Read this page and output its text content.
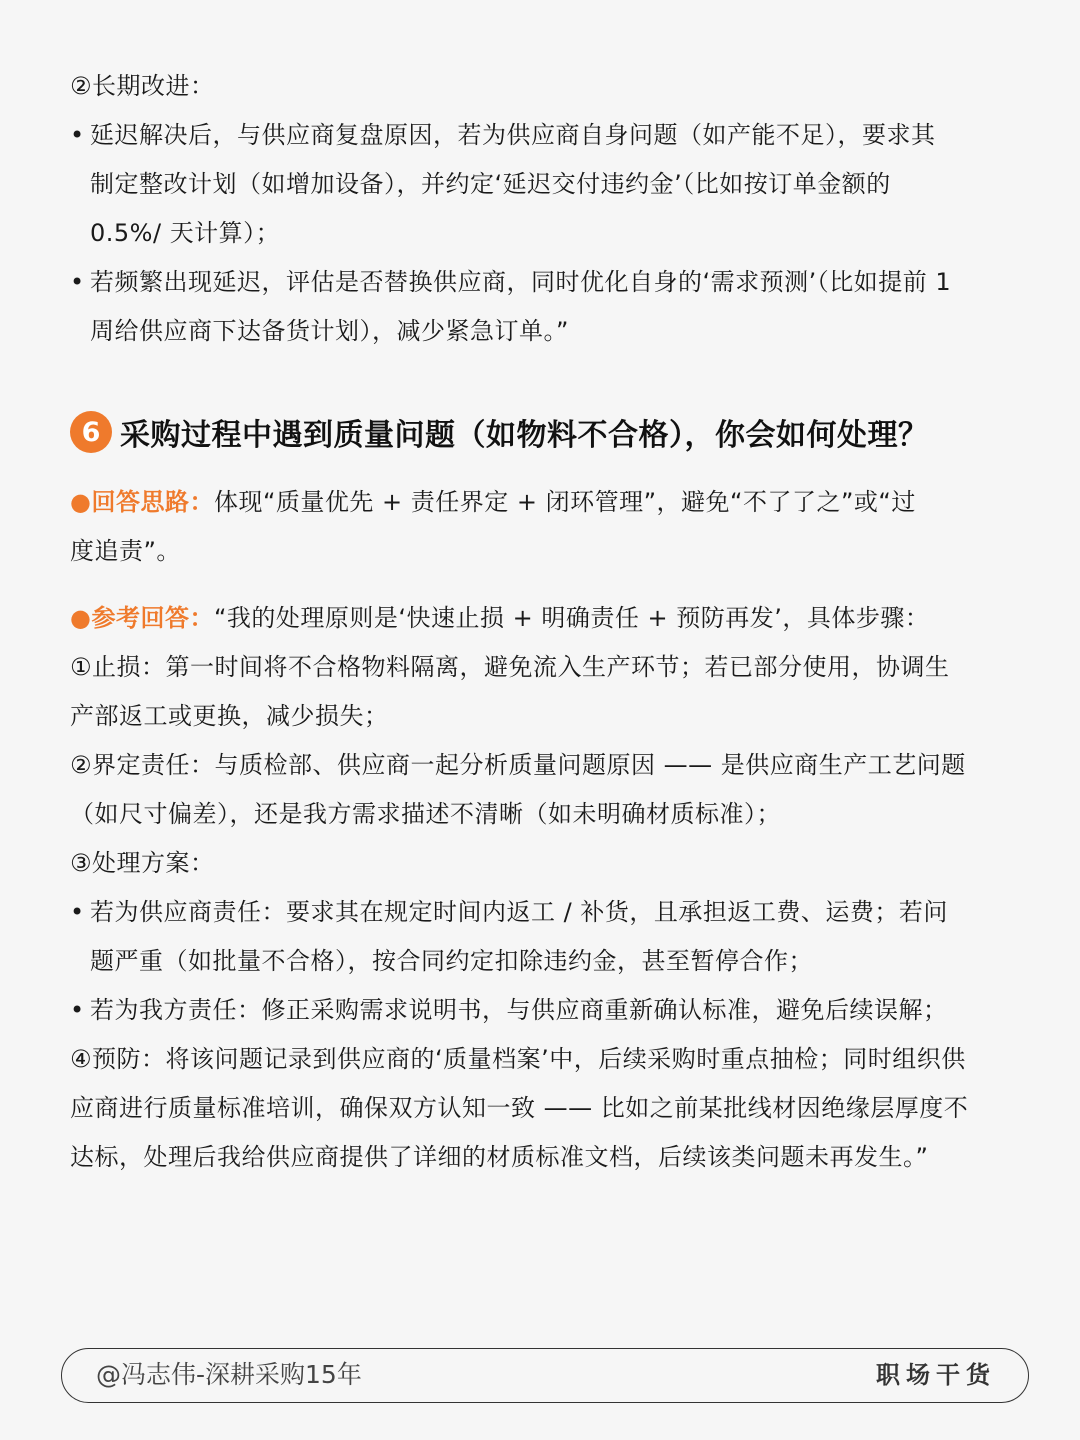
②长期改进：
• 延迟解决后，与供应商复盘原因，若为供应商自身问题（如产能不足），要求其
制定整改计划（如增加设备），并约定‘延迟交付违约金’（比如按订单金额的
0.5%/ 天计算）；
• 若频繁出现延迟，评估是否替换供应商，同时优化自身的‘需求预测’（比如提前 1
周给供应商下达备货计划），减少紧急订单。”
6 采购过程中遇到质量问题（如物料不合格），你会如何处理？
●回答思路：体现“质量优先 + 责任界定 + 闭环管理”，避免“不了了之”或“过
度追责”。
●参考回答：“我的处理原则是‘快速止损 + 明确责任 + 预防再发’，具体步骤：
①止损：第一时间将不合格物料隔离，避免流入生产环节；若已部分使用，协调生
产部返工或更换，减少损失；
②界定责任：与质检部、供应商一起分析质量问题原因 —— 是供应商生产工艺问题
（如尺寸偏差），还是我方需求描述不清晰（如未明确材质标准）；
③处理方案：
• 若为供应商责任：要求其在规定时间内返工 / 补货，且承担返工费、运费；若问
题严重（如批量不合格），按合同约定扣除违约金，甚至暂停合作；
• 若为我方责任：修正采购需求说明书，与供应商重新确认标准，避免后续误解；
④预防：将该问题记录到供应商的‘质量档案’中，后续采购时重点抽检；同时组织供
应商进行质量标准培训，确保双方认知一致 —— 比如之前某批线材因绝缘层厚度不
达标，处理后我给供应商提供了详细的材质标准文档，后续该类问题未再发生。”
@冯志伟-深耕采购15年	职场干货
